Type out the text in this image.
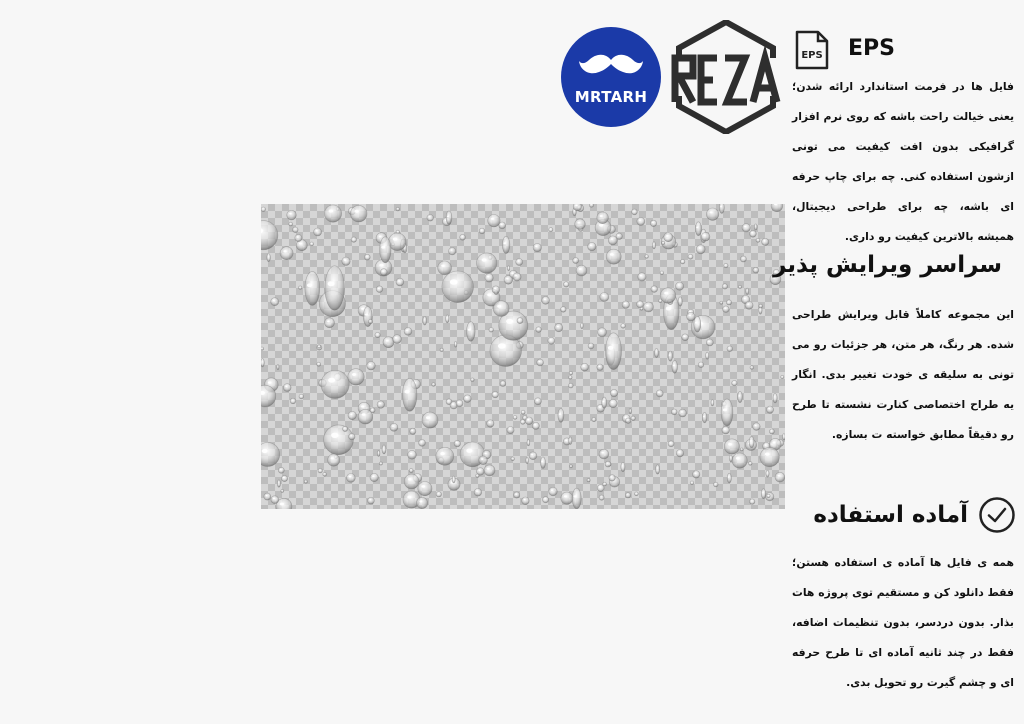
MRTARH
EPS EPS
فایل ها در فرمت استاندارد ارائه شدن؛ یعنی خیالت راحت باشه که روی نرم افزار گرافیکی بدون افت کیفیت می تونی ازشون استفاده کنی. چه برای چاپ حرفه ای باشه، چه برای طراحی دیجیتال، همیشه بالاترین کیفیت رو داری.
سراسر ویرایش پذیر
این مجموعه کاملاً قابل ویرایش طراحی شده. هر رنگ، هر متن، هر جزئیات رو می تونی به سلیقه ی خودت تغییر بدی. انگار یه طراح اختصاصی کنارت نشسته تا طرح رو دقیقاً مطابق خواسته ت بسازه.
آماده استفاده
همه ی فایل ها آماده ی استفاده هستن؛ فقط دانلود کن و مستقیم توی پروژه هات بذار. بدون دردسر، بدون تنظیمات اضافه، فقط در چند ثانیه آماده ای تا طرح حرفه ای و چشم گیرت رو تحویل بدی.
